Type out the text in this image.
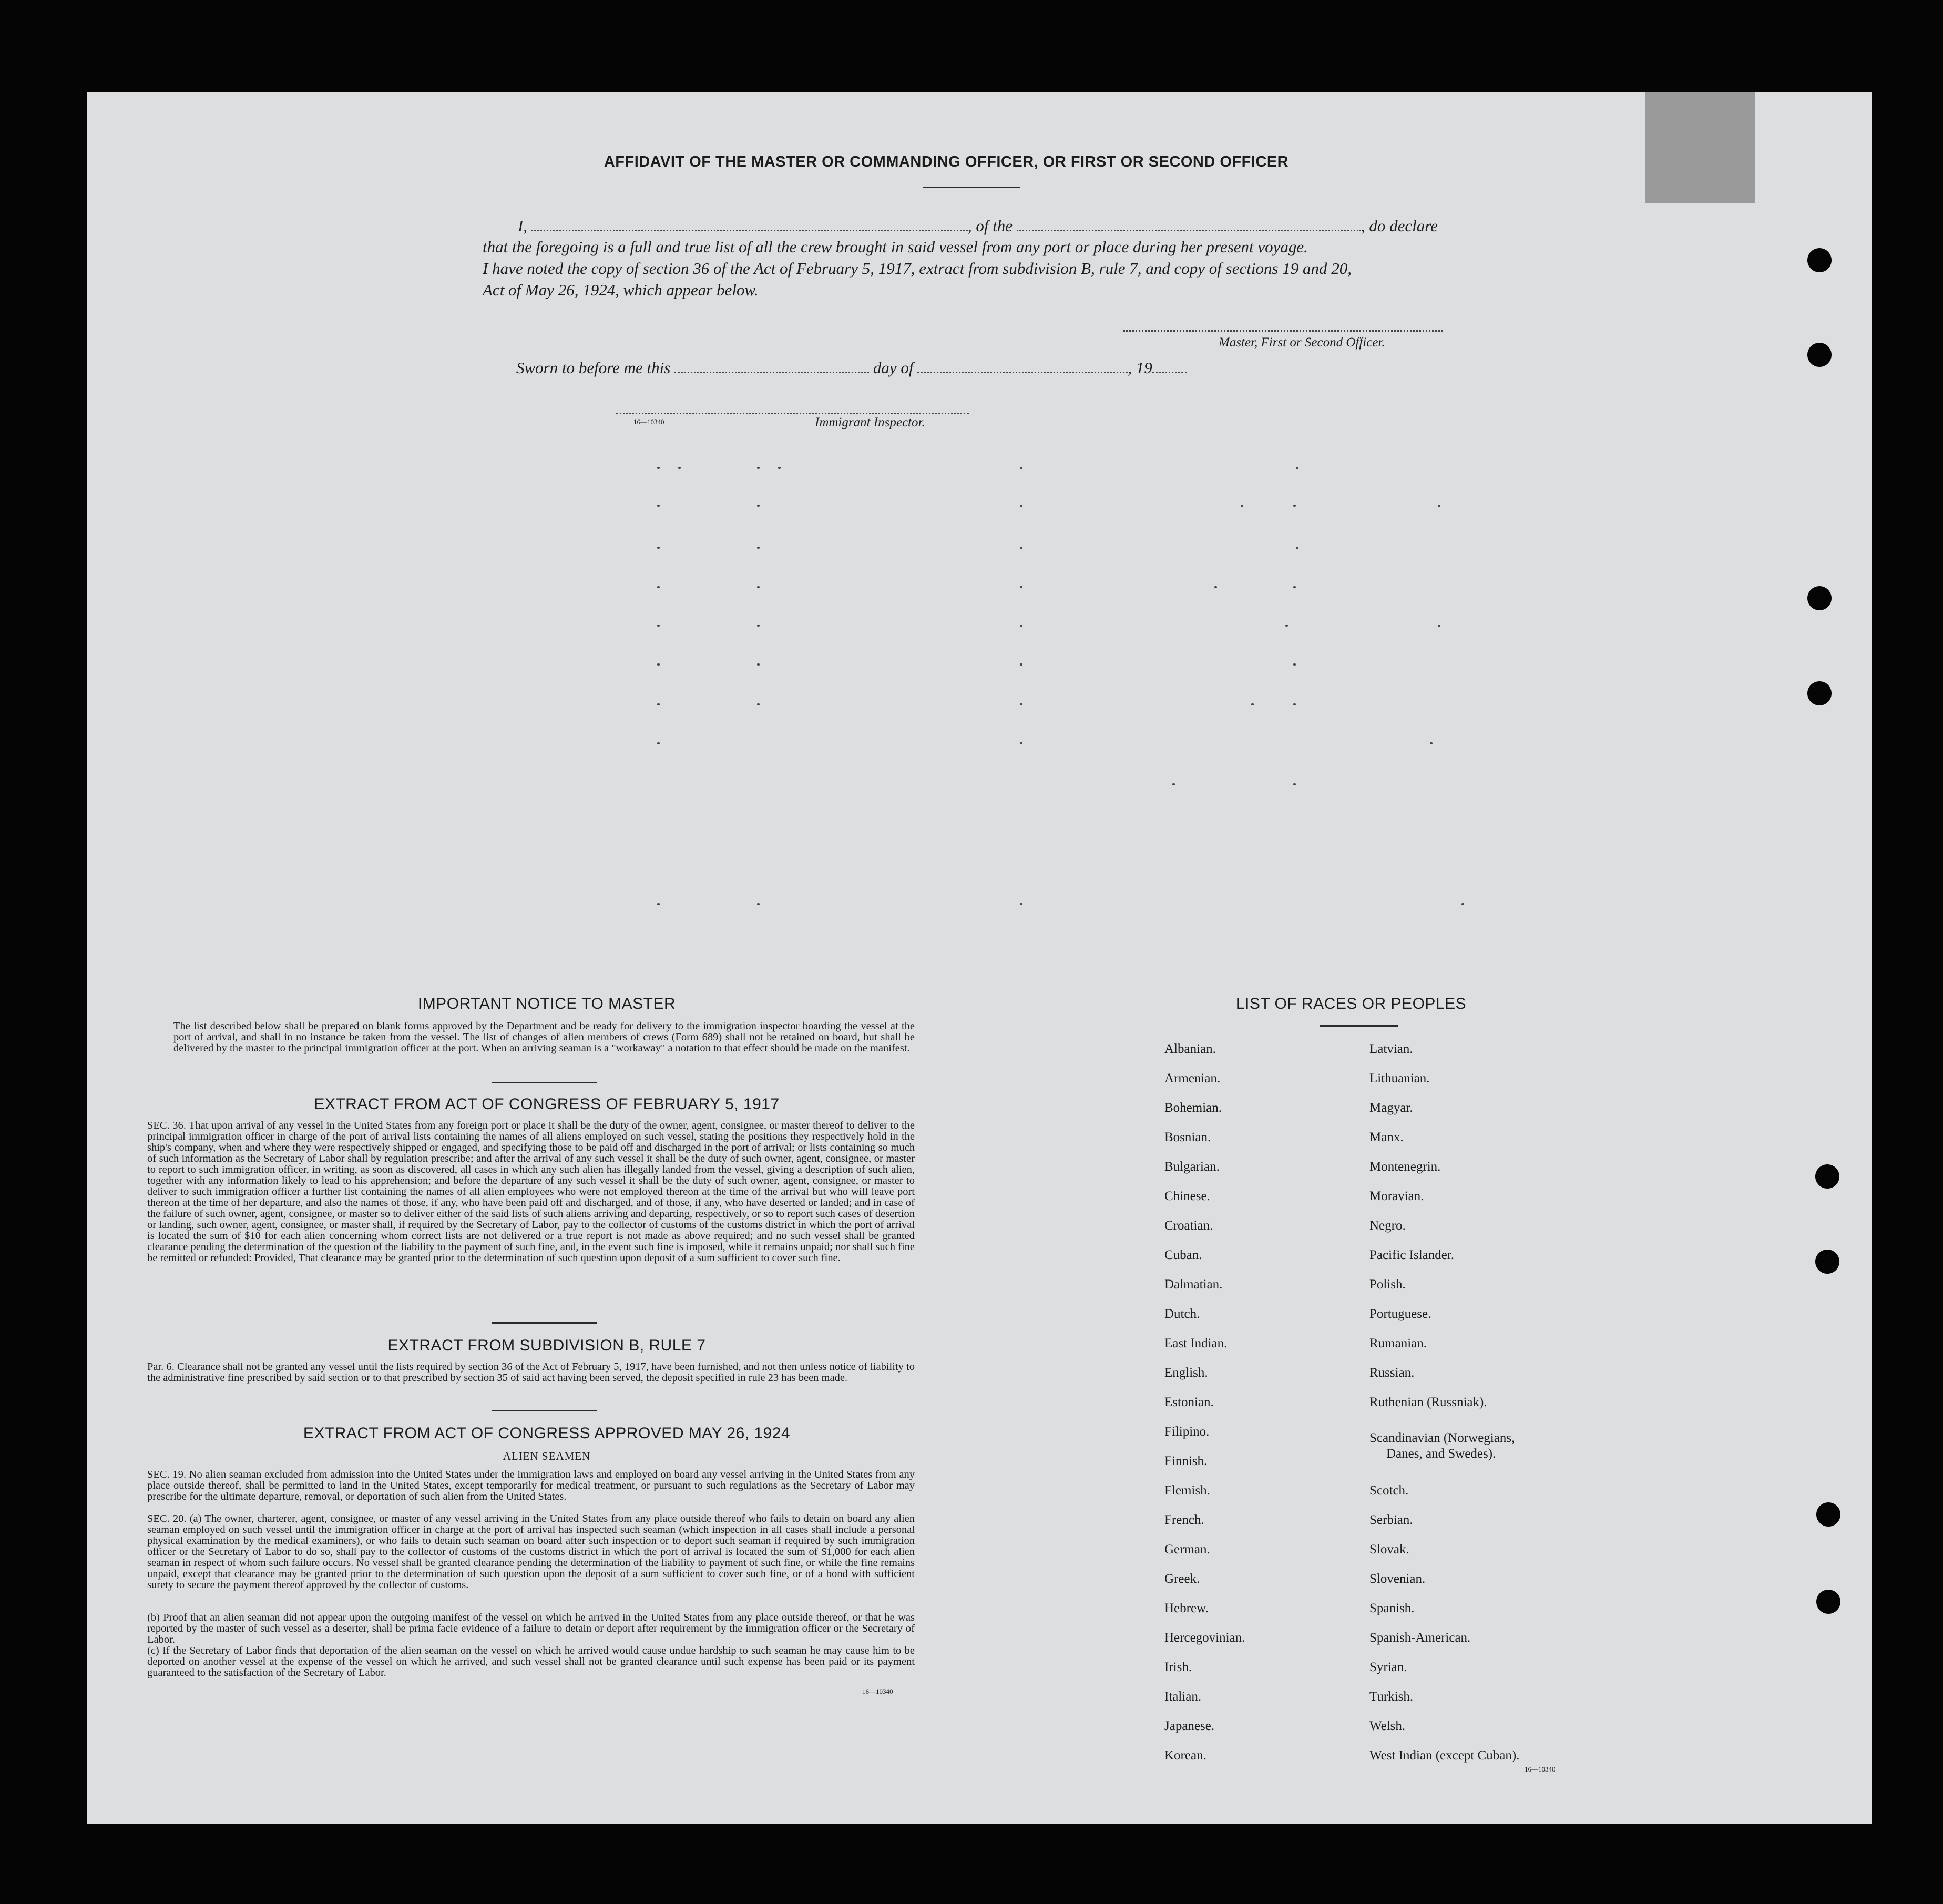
AFFIDAVIT OF THE MASTER OR COMMANDING OFFICER, OR FIRST OR SECOND OFFICER
I,	, of the	, do declare
that the foregoing is a full and true list of all the crew brought in said vessel from any port or place during her present voyage.
I have noted the copy of section 36 of the Act of February 5, 1917, extract from subdivision B, rule 7, and copy of sections 19 and 20,
Act of May 26, 1924, which appear below.
Master, First or Second Officer.
Sworn to before me this	day of	, 19
16—10340	Immigrant Inspector.
IMPORTANT NOTICE TO MASTER
The list described below shall be prepared on blank forms approved by the Department and be ready for delivery to the immigration inspector boarding the vessel at the port of arrival, and shall in no instance be taken from the vessel. The list of changes of alien members of crews (Form 689) shall not be retained on board, but shall be delivered by the master to the principal immigration officer at the port. When an arriving seaman is a "workaway" a notation to that effect should be made on the manifest.
EXTRACT FROM ACT OF CONGRESS OF FEBRUARY 5, 1917
SEC. 36. That upon arrival of any vessel in the United States from any foreign port or place it shall be the duty of the owner, agent, consignee, or master thereof to deliver to the principal immigration officer in charge of the port of arrival lists containing the names of all aliens employed on such vessel, stating the positions they respectively hold in the ship's company, when and where they were respectively shipped or engaged, and specifying those to be paid off and discharged in the port of arrival; or lists containing so much of such information as the Secretary of Labor shall by regulation prescribe; and after the arrival of any such vessel it shall be the duty of such owner, agent, consignee, or master to report to such immigration officer, in writing, as soon as discovered, all cases in which any such alien has illegally landed from the vessel, giving a description of such alien, together with any information likely to lead to his apprehension; and before the departure of any such vessel it shall be the duty of such owner, agent, consignee, or master to deliver to such immigration officer a further list containing the names of all alien employees who were not employed thereon at the time of the arrival but who will leave port thereon at the time of her departure, and also the names of those, if any, who have been paid off and discharged, and of those, if any, who have deserted or landed; and in case of the failure of such owner, agent, consignee, or master so to deliver either of the said lists of such aliens arriving and departing, respectively, or so to report such cases of desertion or landing, such owner, agent, consignee, or master shall, if required by the Secretary of Labor, pay to the collector of customs of the customs district in which the port of arrival is located the sum of $10 for each alien concerning whom correct lists are not delivered or a true report is not made as above required; and no such vessel shall be granted clearance pending the determination of the question of the liability to the payment of such fine, and, in the event such fine is imposed, while it remains unpaid; nor shall such fine be remitted or refunded: Provided, That clearance may be granted prior to the determination of such question upon deposit of a sum sufficient to cover such fine.
EXTRACT FROM SUBDIVISION B, RULE 7
Par. 6. Clearance shall not be granted any vessel until the lists required by section 36 of the Act of February 5, 1917, have been furnished, and not then unless notice of liability to the administrative fine prescribed by said section or to that prescribed by section 35 of said act having been served, the deposit specified in rule 23 has been made.
EXTRACT FROM ACT OF CONGRESS APPROVED MAY 26, 1924
ALIEN SEAMEN
SEC. 19. No alien seaman excluded from admission into the United States under the immigration laws and employed on board any vessel arriving in the United States from any place outside thereof, shall be permitted to land in the United States, except temporarily for medical treatment, or pursuant to such regulations as the Secretary of Labor may prescribe for the ultimate departure, removal, or deportation of such alien from the United States.
SEC. 20. (a) The owner, charterer, agent, consignee, or master of any vessel arriving in the United States from any place outside thereof who fails to detain on board any alien seaman employed on such vessel until the immigration officer in charge at the port of arrival has inspected such seaman (which inspection in all cases shall include a personal physical examination by the medical examiners), or who fails to detain such seaman on board after such inspection or to deport such seaman if required by such immigration officer or the Secretary of Labor to do so, shall pay to the collector of customs of the customs district in which the port of arrival is located the sum of $1,000 for each alien seaman in respect of whom such failure occurs. No vessel shall be granted clearance pending the determination of the liability to payment of such fine, or while the fine remains unpaid, except that clearance may be granted prior to the determination of such question upon the deposit of a sum sufficient to cover such fine, or of a bond with sufficient surety to secure the payment thereof approved by the collector of customs.
(b) Proof that an alien seaman did not appear upon the outgoing manifest of the vessel on which he arrived in the United States from any place outside thereof, or that he was reported by the master of such vessel as a deserter, shall be prima facie evidence of a failure to detain or deport after requirement by the immigration officer or the Secretary of Labor.
(c) If the Secretary of Labor finds that deportation of the alien seaman on the vessel on which he arrived would cause undue hardship to such seaman he may cause him to be deported on another vessel at the expense of the vessel on which he arrived, and such vessel shall not be granted clearance until such expense has been paid or its payment guaranteed to the satisfaction of the Secretary of Labor.
16—10340
LIST OF RACES OR PEOPLES
Albanian.
Armenian.
Bohemian.
Bosnian.
Bulgarian.
Chinese.
Croatian.
Cuban.
Dalmatian.
Dutch.
East Indian.
English.
Estonian.
Filipino.
Finnish.
Flemish.
French.
German.
Greek.
Hebrew.
Hercegovinian.
Irish.
Italian.
Japanese.
Korean.
Latvian.
Lithuanian.
Magyar.
Manx.
Montenegrin.
Moravian.
Negro.
Pacific Islander.
Polish.
Portuguese.
Rumanian.
Russian.
Ruthenian (Russniak).
Scandinavian (Norwegians,
Danes, and Swedes).
Scotch.
Serbian.
Slovak.
Slovenian.
Spanish.
Spanish-American.
Syrian.
Turkish.
Welsh.
West Indian (except Cuban).
16—10340
